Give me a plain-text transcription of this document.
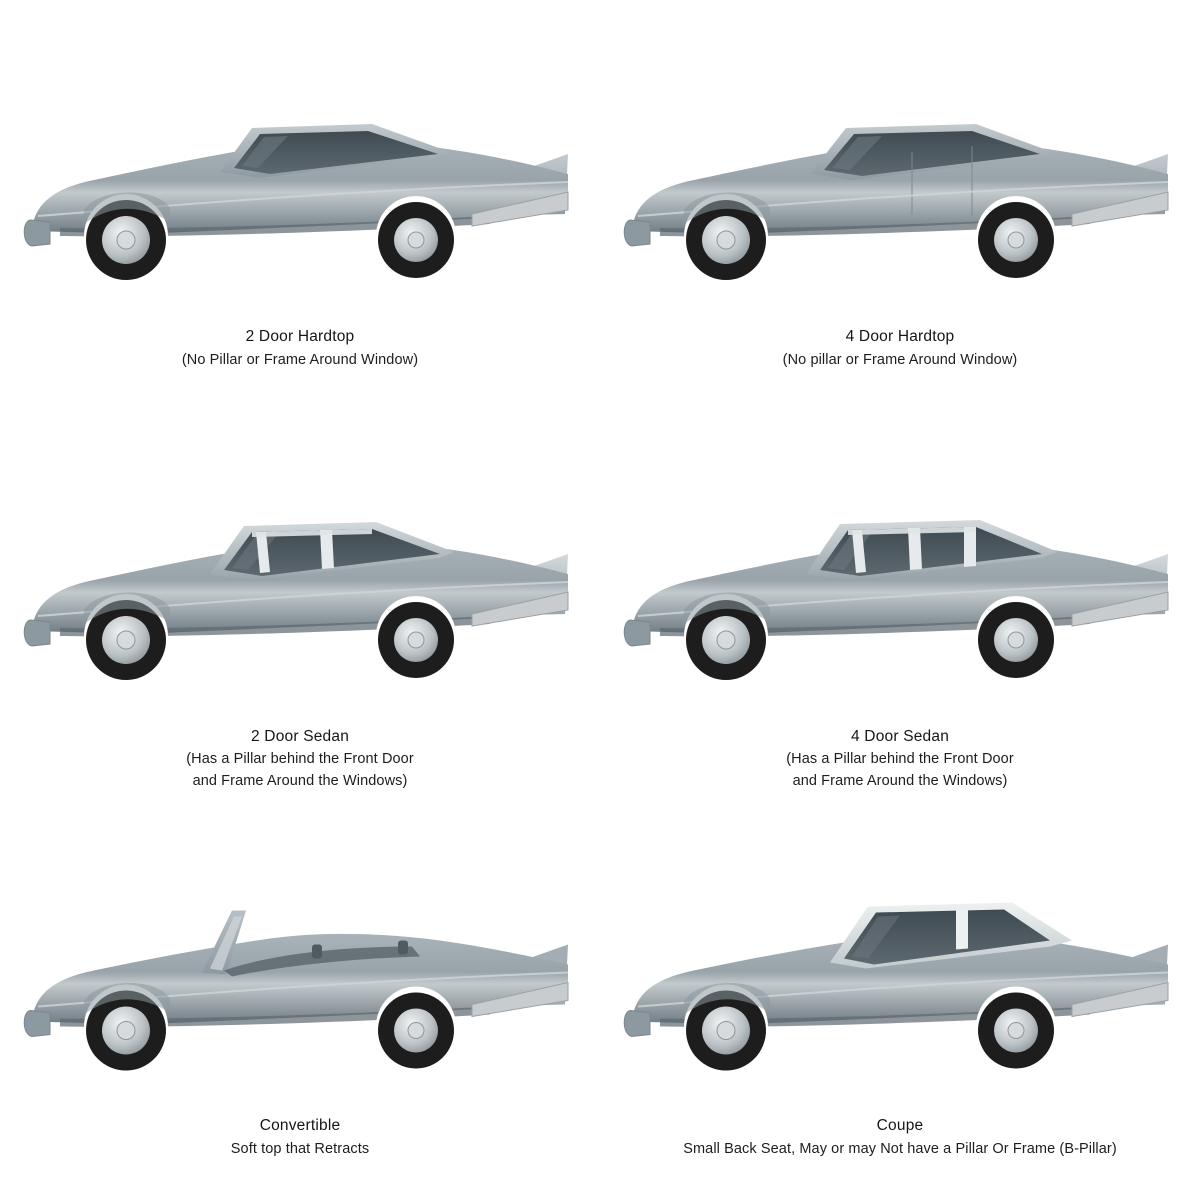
2 Door Hardtop
(No Pillar or Frame Around Window)
4 Door Hardtop
(No pillar or Frame Around Window)
2 Door Sedan
(Has a Pillar behind the Front Door
and Frame Around the Windows)
4 Door Sedan
(Has a Pillar behind the Front Door
and Frame Around the Windows)
Convertible
Soft top that Retracts
Coupe
Small Back Seat, May or may Not have a Pillar Or Frame (B-Pillar)
